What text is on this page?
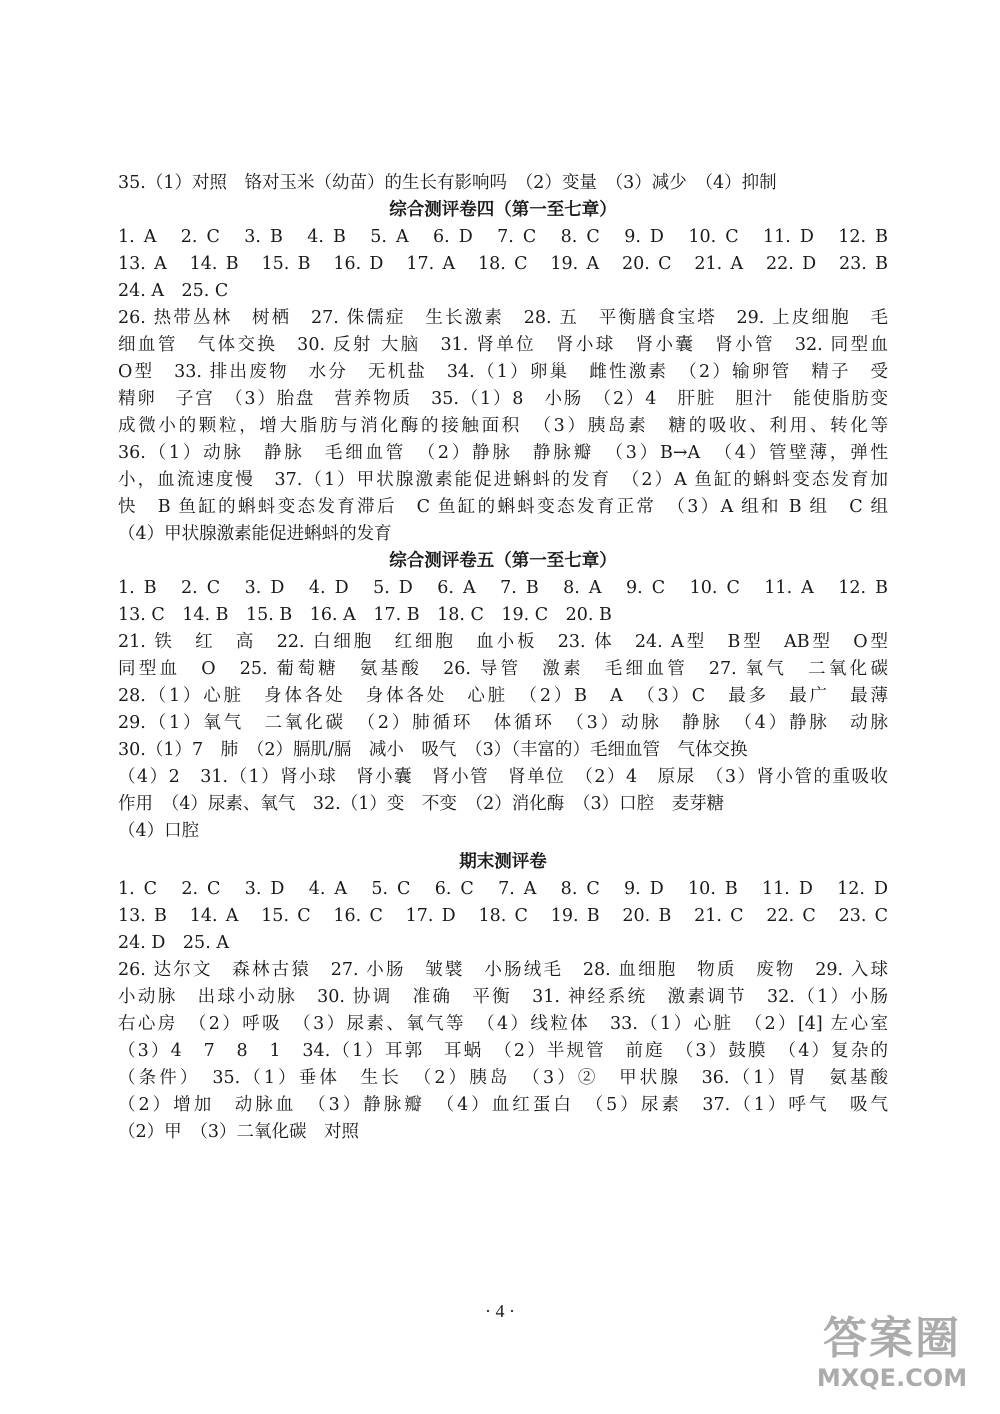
35.（1）对照　铬对玉米（幼苗）的生长有影响吗　（2）变量　（3）减少　（4）抑制
综合测评卷四（第一至七章）
1. A　2. C　3. B　4. B　5. A　6. D　7. C　8. C　9. D　10. C　11. D　12. B
13. A　14. B　15. B　16. D　17. A　18. C　19. A　20. C　21. A　22. D　23. B
24. A　25. C
26. 热带丛林　树栖　27. 侏儒症　生长激素　28. 五　平衡膳食宝塔　29. 上皮细胞　毛
细血管　气体交换　30. 反射 大脑　31. 肾单位　肾小球　肾小囊　肾小管　32. 同型血
O型　33. 排出废物　水分　无机盐　34.（1）卵巢　雌性激素　（2）输卵管　精子　受
精卵　子宫　（3）胎盘　营养物质　35.（1）8　小肠　（2）4　肝脏　胆汁　能使脂肪变
成微小的颗粒，增大脂肪与消化酶的接触面积　（3）胰岛素　糖的吸收、利用、转化等
36.（1）动脉　静脉　毛细血管　（2）静脉　静脉瓣　（3）B→A　（4）管壁薄，弹性
小，血流速度慢　37.（1）甲状腺激素能促进蝌蚪的发育　（2）A 鱼缸的蝌蚪变态发育加
快　B 鱼缸的蝌蚪变态发育滞后　C 鱼缸的蝌蚪变态发育正常　（3）A 组和 B 组　C 组
（4）甲状腺激素能促进蝌蚪的发育
综合测评卷五（第一至七章）
1. B　2. C　3. D　4. D　5. D　6. A　7. B　8. A　9. C　10. C　11. A　12. B
13. C　14. B　15. B　16. A　17. B　18. C　19. C　20. B
21. 铁　红　高　22. 白细胞　红细胞　血小板　23. 体　24. A型　B型　AB型　O型
同型血　O　25. 葡萄糖　氨基酸　26. 导管　激素　毛细血管　27. 氧气　二氧化碳
28.（1）心脏　身体各处　身体各处　心脏　（2）B　A　（3）C　最多　最广　最薄
29.（1）氧气　二氧化碳　（2）肺循环　体循环　（3）动脉　静脉　（4）静脉　动脉
30.（1）7　肺　（2）膈肌/膈　减小　吸气　（3）（丰富的）毛细血管　气体交换
（4）2　31.（1）肾小球　肾小囊　肾小管　肾单位　（2）4　原尿　（3）肾小管的重吸收
作用　（4）尿素、氧气　32.（1）变　不变　（2）消化酶　（3）口腔　麦芽糖
（4）口腔
期末测评卷
1. C　2. C　3. D　4. A　5. C　6. C　7. A　8. C　9. D　10. B　11. D　12. D
13. B　14. A　15. C　16. C　17. D　18. C　19. B　20. B　21. C　22. C　23. C
24. D　25. A
26. 达尔文　森林古猿　27. 小肠　皱襞　小肠绒毛　28. 血细胞　物质　废物　29. 入球
小动脉　出球小动脉　30. 协调　准确　平衡　31. 神经系统　激素调节　32.（1）小肠
右心房　（2）呼吸　（3）尿素、氧气等　（4）线粒体　33.（1）心脏　（2）[4] 左心室
（3）4　7　8　1　34.（1）耳郭　耳蜗　（2）半规管　前庭　（3）鼓膜　（4）复杂的
（条件）　35.（1）垂体　生长　（2）胰岛　（3）②　甲状腺　36.（1）胃　氨基酸
（2）增加　动脉血　（3）静脉瓣　（4）血红蛋白　（5）尿素　37.（1）呼气　吸气
（2）甲　（3）二氧化碳　对照
· 4 ·
答案圈
MXQE.COM
